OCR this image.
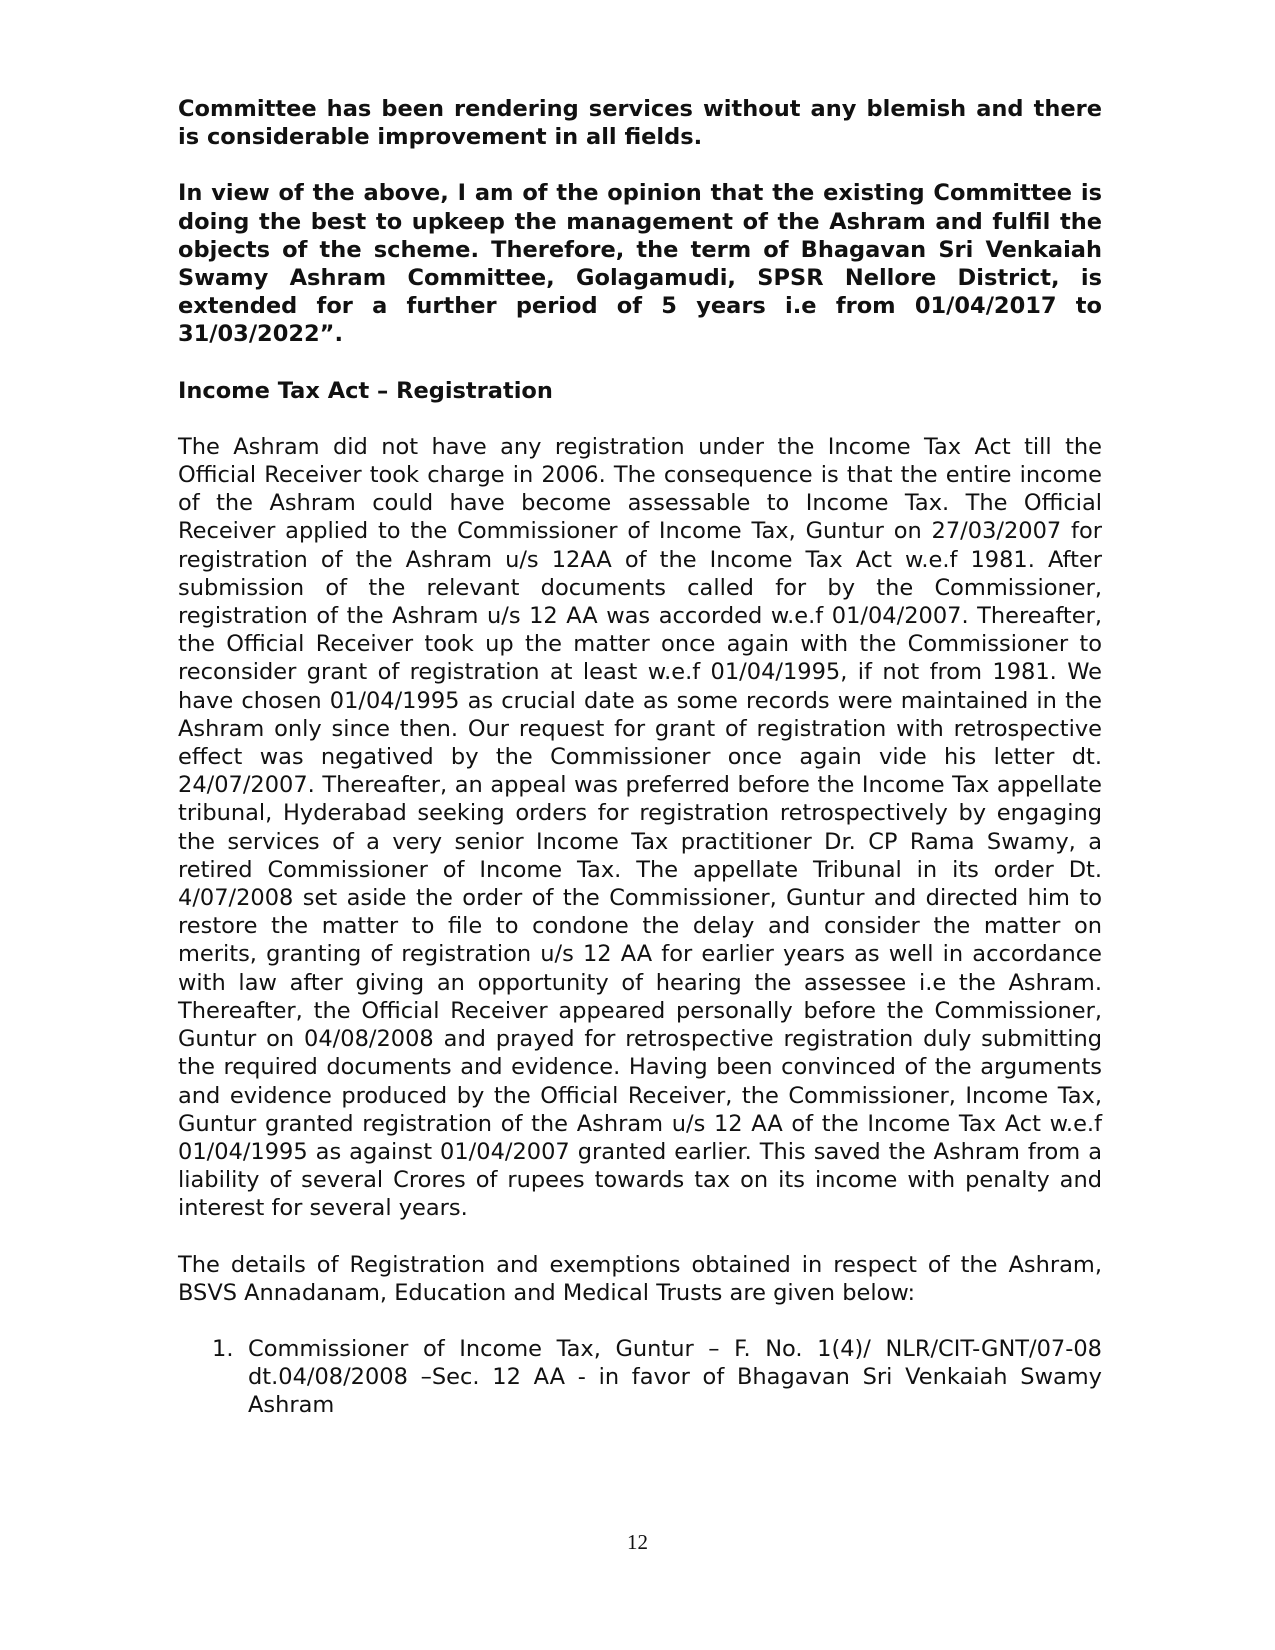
Committee has been rendering services without any blemish and there is considerable improvement in all fields.

In view of the above, I am of the opinion that the existing Committee is doing the best to upkeep the management of the Ashram and fulfil the objects of the scheme. Therefore, the term of Bhagavan Sri Venkaiah Swamy Ashram Committee, Golagamudi, SPSR Nellore District, is extended for a further period of 5 years i.e from 01/04/2017 to 31/03/2022”.

Income Tax Act – Registration

The Ashram did not have any registration under the Income Tax Act till the Official Receiver took charge in 2006. The consequence is that the entire income of the Ashram could have become assessable to Income Tax. The Official Receiver applied to the Commissioner of Income Tax, Guntur on 27/03/2007 for registration of the Ashram u/s 12AA of the Income Tax Act w.e.f 1981. After submission of the relevant documents called for by the Commissioner, registration of the Ashram u/s 12 AA was accorded w.e.f 01/04/2007. Thereafter, the Official Receiver took up the matter once again with the Commissioner to reconsider grant of registration at least w.e.f 01/04/1995, if not from 1981. We have chosen 01/04/1995 as crucial date as some records were maintained in the Ashram only since then. Our request for grant of registration with retrospective effect was negatived by the Commissioner once again vide his letter dt. 24/07/2007. Thereafter, an appeal was preferred before the Income Tax appellate tribunal, Hyderabad seeking orders for registration retrospectively by engaging the services of a very senior Income Tax practitioner Dr. CP Rama Swamy, a retired Commissioner of Income Tax. The appellate Tribunal in its order Dt. 4/07/2008 set aside the order of the Commissioner, Guntur and directed him to restore the matter to file to condone the delay and consider the matter on merits, granting of registration u/s 12 AA for earlier years as well in accordance with law after giving an opportunity of hearing the assessee i.e the Ashram. Thereafter, the Official Receiver appeared personally before the Commissioner, Guntur on 04/08/2008 and prayed for retrospective registration duly submitting the required documents and evidence. Having been convinced of the arguments and evidence produced by the Official Receiver, the Commissioner, Income Tax, Guntur granted registration of the Ashram u/s 12 AA of the Income Tax Act w.e.f 01/04/1995 as against 01/04/2007 granted earlier. This saved the Ashram from a liability of several Crores of rupees towards tax on its income with penalty and interest for several years.

The details of Registration and exemptions obtained in respect of the Ashram, BSVS Annadanam, Education and Medical Trusts are given below:

1. Commissioner of Income Tax, Guntur – F. No. 1(4)/ NLR/CIT-GNT/07-08 dt.04/08/2008 –Sec. 12 AA - in favor of Bhagavan Sri Venkaiah Swamy Ashram
12
